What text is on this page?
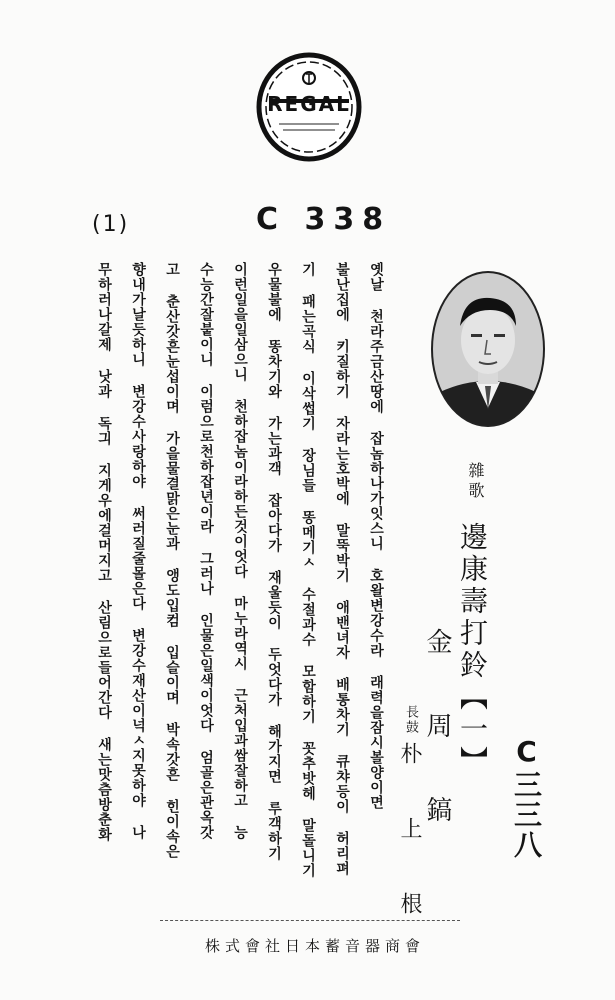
REGAL
(1)	C 338
雜歌
邊康壽打鈴【一】
金 周 鎬
長鼓
朴 上 根	C三三八
옛날 천라주금산땅에 잡놈하나가잇스니 호왈변강수라 래력을잠시볼양이면
불난집에 키질하기 자라는호박에 말뚝박기 애밴녀자 배통차기 큐챠등이 허리펴
기 패는곡식 이삭썹기 장님들 똥메기ㅅ 수절과수 모함하기 꼿추밧헤 말돌니기
우물불에 똥차기와 가는과객 잡아다가 재울듯이 두엇다가 해가지면 루객하기
이런일을일삼으니 천하잡놈이라하든것이엇다 마누라역시 근처입과쌈잘하고 능
수능간잘붙이니 이럼으로천하잡년이라 그러나 인물은일색이엇다 엄골은관옥갓
고 춘산갓흔눈섭이며 가을물결맑은눈과 앵도입컴 입슬이며 박속갓흔 힌이속은
향내가날듯하니 변강수사랑하야 써러질줄몰은다 변강수재산이넉ㅅ지못하야 나
무하러나갈제 낫과 독긔 지게우에걸머지고 산림으로들어간다 새는맛츰방춘화
株式會社日本蓄音器商會
